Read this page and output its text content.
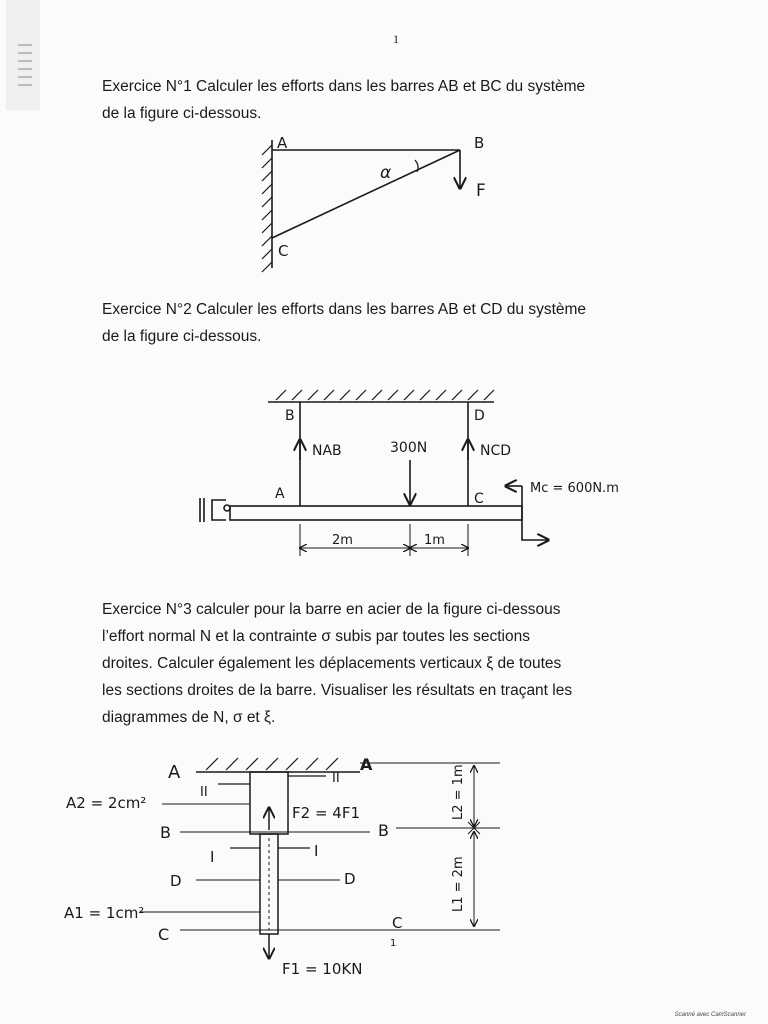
1

Exercice N°1 Calculer les efforts dans les barres AB et BC du système
de la figure ci-dessous.

Exercice N°2 Calculer les efforts dans les barres AB et CD du système
de la figure ci-dessous.

Exercice N°3 calculer pour la barre en acier de la figure ci-dessous
l’effort normal N et la contrainte σ subis par toutes les sections
droites. Calculer également les déplacements verticaux ξ de toutes
les sections droites de la barre. Visualiser les résultats en traçant les
diagrammes de N, σ et ξ.

A	B
C
α
F
B	D
NAB	300N	NCD
A	C
Mc = 600N.m
2m	1m
A	A
A2 = 2cm²
II
II
F2 = 4F1
B	B
I	I
D	D
A1 = 1cm²
C
C
1
F1 = 10KN
L2 = 1m
L1 = 2m
Scanné avec CamScanner
